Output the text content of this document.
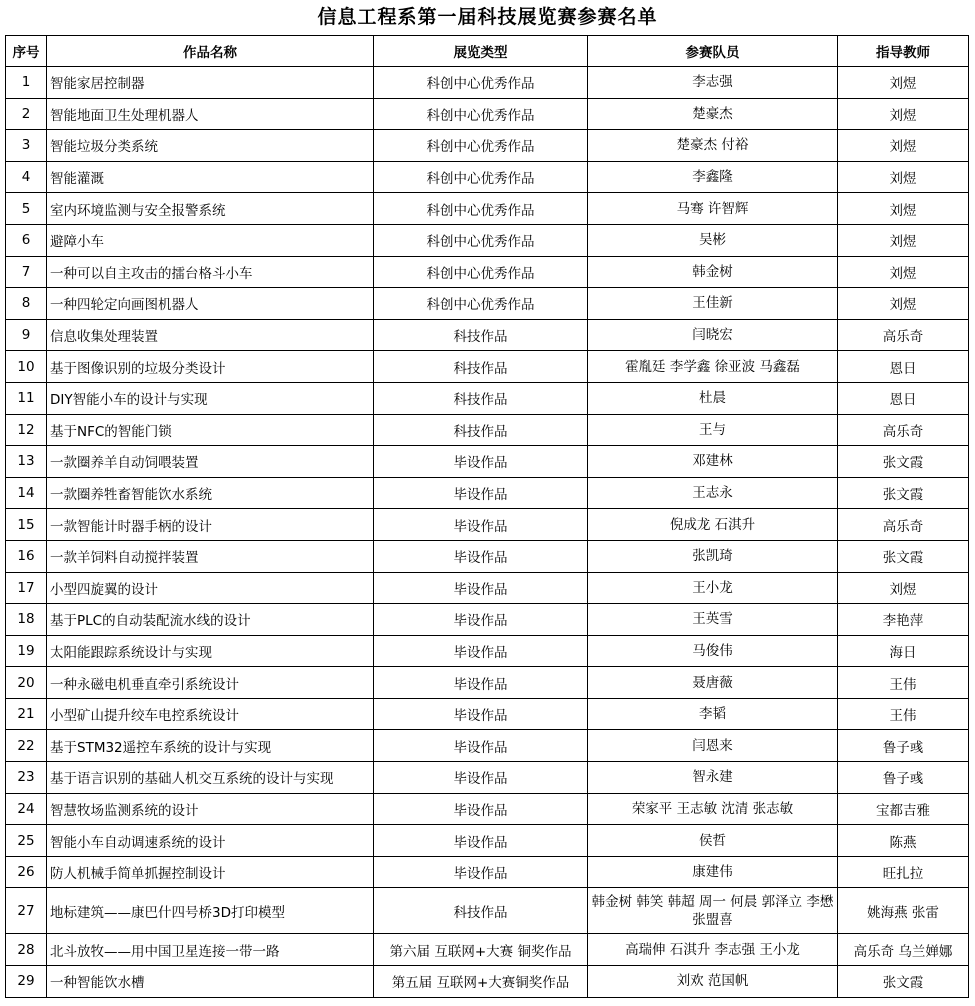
信息工程系第一届科技展览赛参赛名单
序号	作品名称	展览类型	参赛队员	指导教师
1	智能家居控制器	科创中心优秀作品	李志强	刘煜
2	智能地面卫生处理机器人	科创中心优秀作品	楚豪杰	刘煜
3	智能垃圾分类系统	科创中心优秀作品	楚豪杰 付裕	刘煜
4	智能灌溉	科创中心优秀作品	李鑫隆	刘煜
5	室内环境监测与安全报警系统	科创中心优秀作品	马骞 许智辉	刘煜
6	避障小车	科创中心优秀作品	吴彬	刘煜
7	一种可以自主攻击的擂台格斗小车	科创中心优秀作品	韩金树	刘煜
8	一种四轮定向画图机器人	科创中心优秀作品	王佳新	刘煜
9	信息收集处理装置	科技作品	闫晓宏	高乐奇
10	基于图像识别的垃圾分类设计	科技作品	霍胤廷 李学鑫 徐亚波 马鑫磊	恩日
11	DIY智能小车的设计与实现	科技作品	杜晨	恩日
12	基于NFC的智能门锁	科技作品	王与	高乐奇
13	一款圈养羊自动饲喂装置	毕设作品	邓建林	张文霞
14	一款圈养牲畜智能饮水系统	毕设作品	王志永	张文霞
15	一款智能计时器手柄的设计	毕设作品	倪成龙 石淇升	高乐奇
16	一款羊饲料自动搅拌装置	毕设作品	张凯琦	张文霞
17	小型四旋翼的设计	毕设作品	王小龙	刘煜
18	基于PLC的自动装配流水线的设计	毕设作品	王英雪	李艳萍
19	太阳能跟踪系统设计与实现	毕设作品	马俊伟	海日
20	一种永磁电机垂直牵引系统设计	毕设作品	聂唐薇	王伟
21	小型矿山提升绞车电控系统设计	毕设作品	李韬	王伟
22	基于STM32遥控车系统的设计与实现	毕设作品	闫恩来	鲁子彧
23	基于语言识别的基础人机交互系统的设计与实现	毕设作品	智永建	鲁子彧
24	智慧牧场监测系统的设计	毕设作品	荣家平 王志敏 沈清 张志敏	宝都吉雅
25	智能小车自动调速系统的设计	毕设作品	侯哲	陈燕
26	防人机械手简单抓握控制设计	毕设作品	康建伟	旺扎拉
27	地标建筑——康巴什四号桥3D打印模型	科技作品	韩金树 韩笑 韩超 周一 何晨 郭泽立 李懋 张盟喜	姚海燕 张雷
28	北斗放牧——用中国卫星连接一带一路	第六届 互联网+大赛 铜奖作品	高瑞伸 石淇升 李志强 王小龙	高乐奇 乌兰婵娜
29	一种智能饮水槽	第五届 互联网+大赛铜奖作品	刘欢 范国帆	张文霞
